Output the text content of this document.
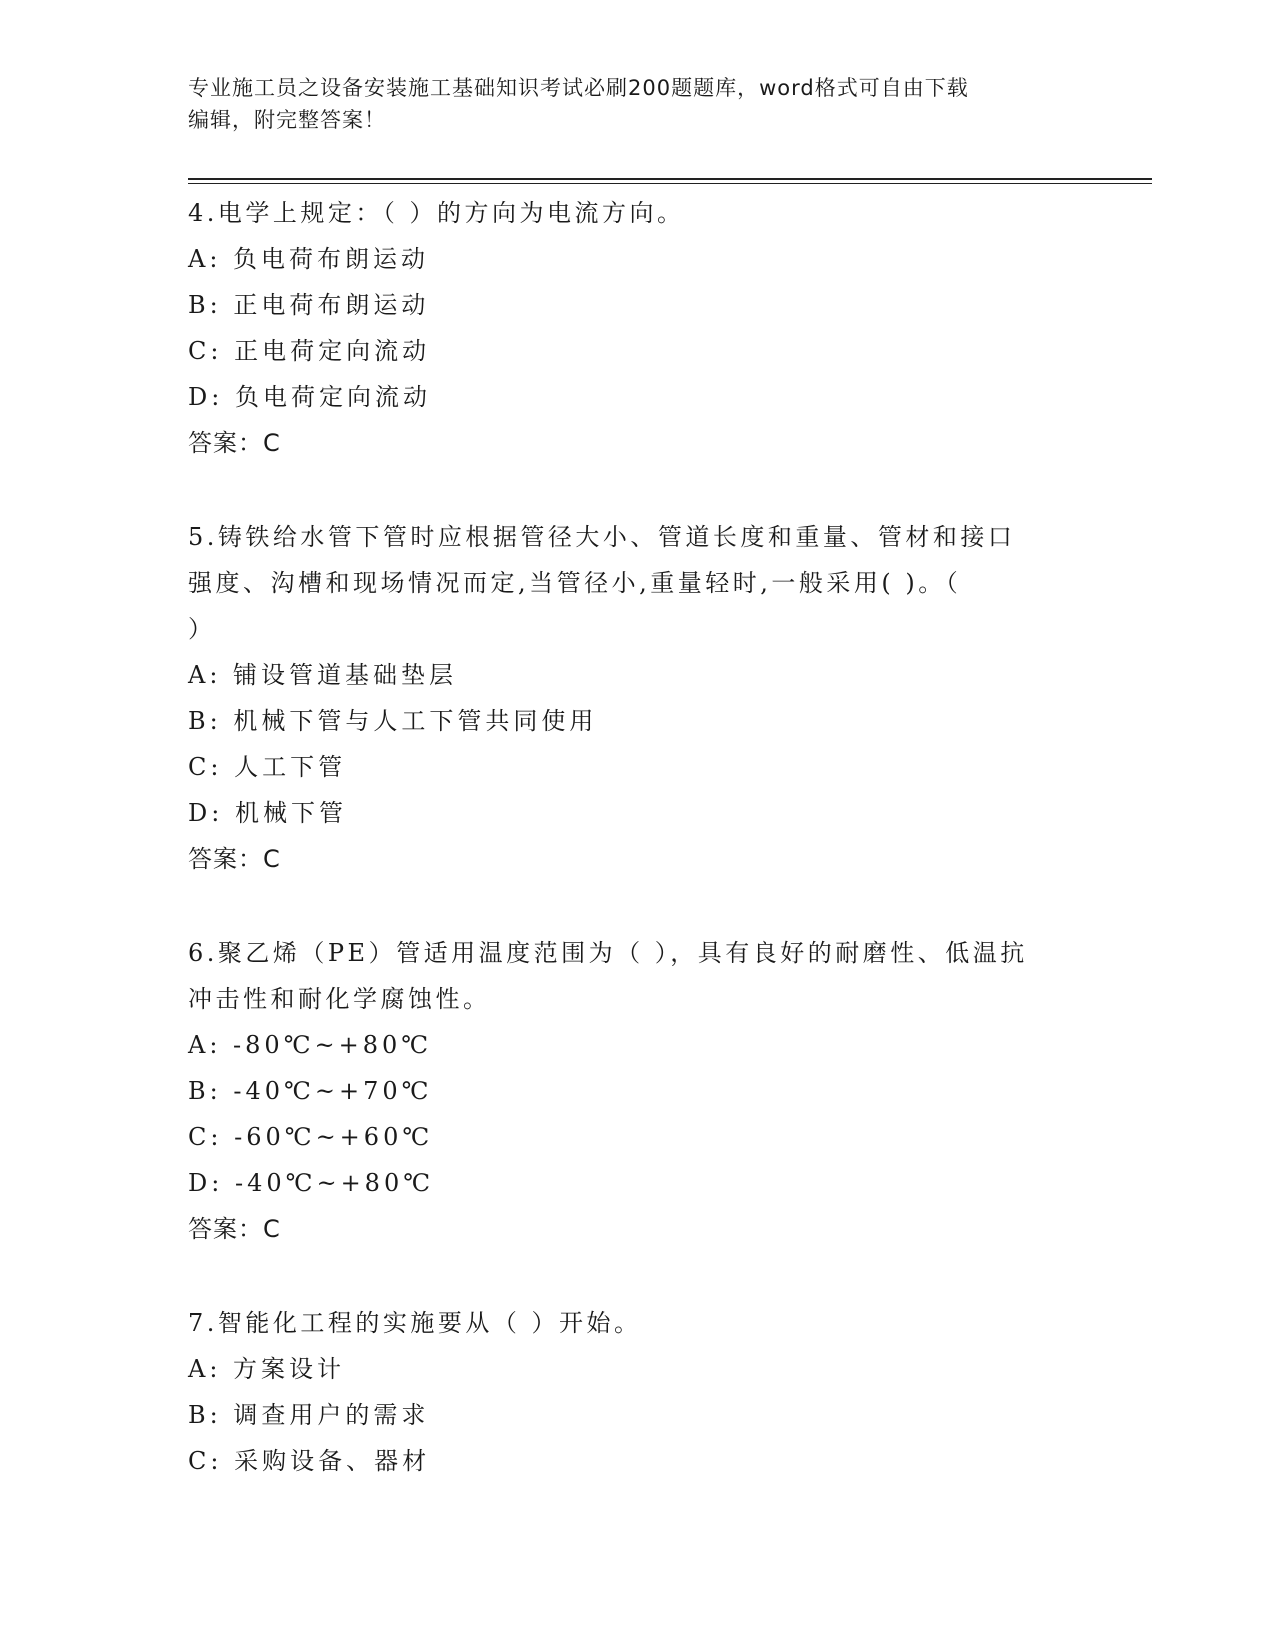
专业施工员之设备安装施工基础知识考试必刷200题题库，word格式可自由下载
编辑，附完整答案！
4.电学上规定：（ ）的方向为电流方向。
A: 负电荷布朗运动
B: 正电荷布朗运动
C: 正电荷定向流动
D: 负电荷定向流动
答案：C
5.铸铁给水管下管时应根据管径大小、管道长度和重量、管材和接口
强度、沟槽和现场情况而定,当管径小,重量轻时,一般采用( )。（
）
A: 铺设管道基础垫层
B: 机械下管与人工下管共同使用
C: 人工下管
D: 机械下管
答案：C
6.聚乙烯（PE）管适用温度范围为（ ），具有良好的耐磨性、低温抗
冲击性和耐化学腐蚀性。
A: -80℃~+80℃
B: -40℃~+70℃
C: -60℃~+60℃
D: -40℃~+80℃
答案：C
7.智能化工程的实施要从（ ）开始。
A: 方案设计
B: 调查用户的需求
C: 采购设备、器材
